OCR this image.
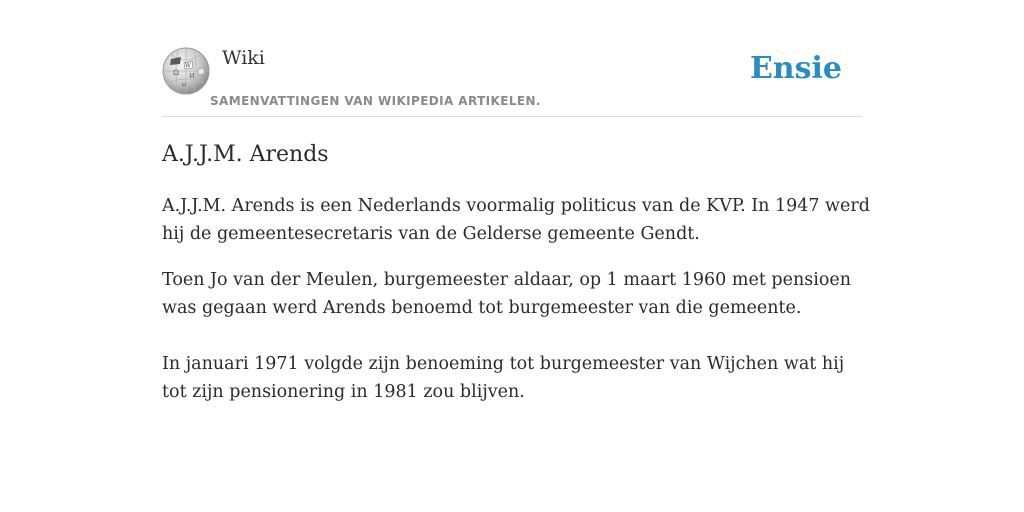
W
Ω И
ω
Wiki
SAMENVATTINGEN VAN WIKIPEDIA ARTIKELEN.
Ensie
A.J.J.M. Arends

A.J.J.M. Arends is een Nederlands voormalig politicus van de KVP. In 1947 werd hij de gemeentesecretaris van de Gelderse gemeente Gendt.

Toen Jo van der Meulen, burgemeester aldaar, op 1 maart 1960 met pensioen was gegaan werd Arends benoemd tot burgemeester van die gemeente.

In januari 1971 volgde zijn benoeming tot burgemeester van Wijchen wat hij tot zijn pensionering in 1981 zou blijven.
